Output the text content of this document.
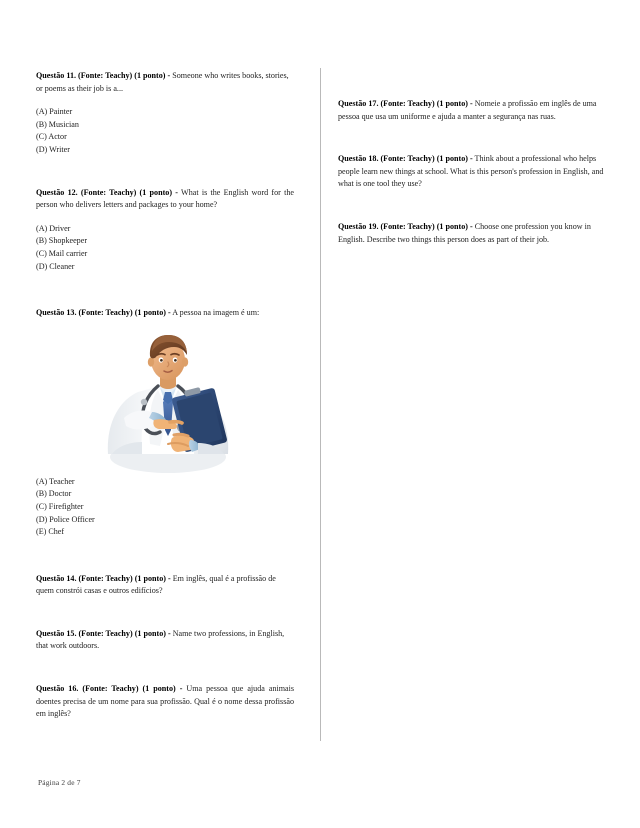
Questão 11. (Fonte: Teachy) (1 ponto) - Someone who writes books, stories, or poems as their job is a...

(A) Painter
(B) Musician
(C) Actor
(D) Writer

Questão 12. (Fonte: Teachy) (1 ponto) - What is the English word for the person who delivers letters and packages to your home?

(A) Driver
(B) Shopkeeper
(C) Mail carrier
(D) Cleaner

Questão 13. (Fonte: Teachy) (1 ponto) - A pessoa na imagem é um:

(A) Teacher
(B) Doctor
(C) Firefighter
(D) Police Officer
(E) Chef

Questão 14. (Fonte: Teachy) (1 ponto) - Em inglês, qual é a profissão de quem constrói casas e outros edifícios?

Questão 15. (Fonte: Teachy) (1 ponto) - Name two professions, in English, that work outdoors.

Questão 16. (Fonte: Teachy) (1 ponto) - Uma pessoa que ajuda animais doentes precisa de um nome para sua profissão. Qual é o nome dessa profissão em inglês?

Questão 17. (Fonte: Teachy) (1 ponto) - Nomeie a profissão em inglês de uma pessoa que usa um uniforme e ajuda a manter a segurança nas ruas.

Questão 18. (Fonte: Teachy) (1 ponto) - Think about a professional who helps people learn new things at school. What is this person's profession in English, and what is one tool they use?

Questão 19. (Fonte: Teachy) (1 ponto) - Choose one profession you know in English. Describe two things this person does as part of their job.

Página 2 de 7
